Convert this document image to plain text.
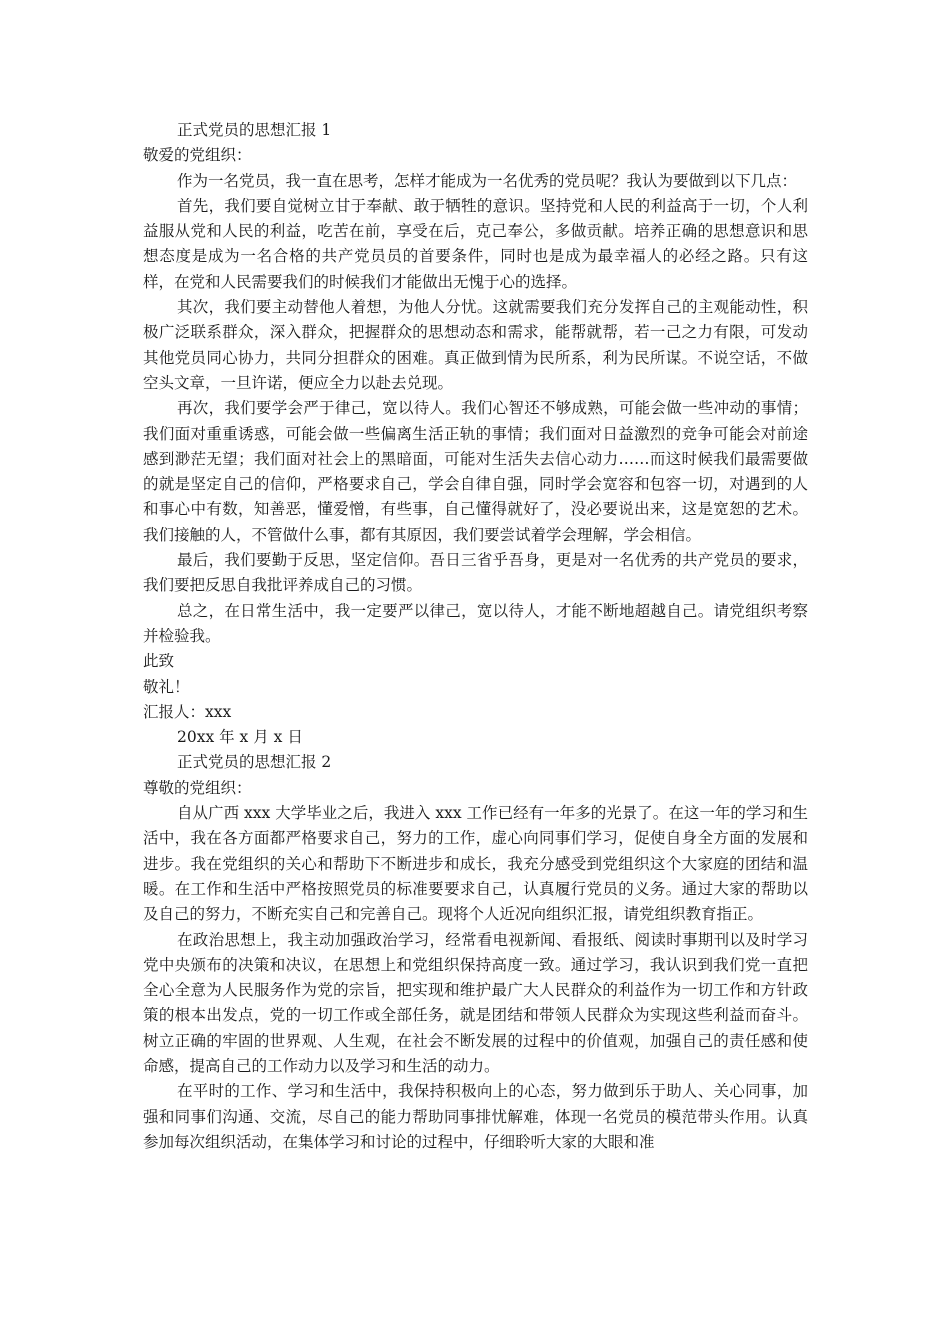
正式党员的思想汇报 1

敬爱的党组织：

作为一名党员，我一直在思考，怎样才能成为一名优秀的党员呢？我认为要做到以下几点：

首先，我们要自觉树立甘于奉献、敢于牺牲的意识。坚持党和人民的利益高于一切，个人利益服从党和人民的利益，吃苦在前，享受在后，克己奉公，多做贡献。培养正确的思想意识和思想态度是成为一名合格的共产党员员的首要条件，同时也是成为最幸福人的必经之路。只有这样，在党和人民需要我们的时候我们才能做出无愧于心的选择。

其次，我们要主动替他人着想，为他人分忧。这就需要我们充分发挥自己的主观能动性，积极广泛联系群众，深入群众，把握群众的思想动态和需求，能帮就帮，若一己之力有限，可发动其他党员同心协力，共同分担群众的困难。真正做到情为民所系，利为民所谋。不说空话，不做空头文章，一旦许诺，便应全力以赴去兑现。

再次，我们要学会严于律己，宽以待人。我们心智还不够成熟，可能会做一些冲动的事情；我们面对重重诱惑，可能会做一些偏离生活正轨的事情；我们面对日益激烈的竞争可能会对前途感到渺茫无望；我们面对社会上的黑暗面，可能对生活失去信心动力……而这时候我们最需要做的就是坚定自己的信仰，严格要求自己，学会自律自强，同时学会宽容和包容一切，对遇到的人和事心中有数，知善恶，懂爱憎，有些事，自己懂得就好了，没必要说出来，这是宽恕的艺术。我们接触的人，不管做什么事，都有其原因，我们要尝试着学会理解，学会相信。

最后，我们要勤于反思，坚定信仰。吾日三省乎吾身，更是对一名优秀的共产党员的要求，我们要把反思自我批评养成自己的习惯。

总之，在日常生活中，我一定要严以律己，宽以待人，才能不断地超越自己。请党组织考察并检验我。

此致

敬礼！

汇报人：xxx

20xx 年 x 月 x 日

正式党员的思想汇报 2

尊敬的党组织：

自从广西 xxx 大学毕业之后，我进入 xxx 工作已经有一年多的光景了。在这一年的学习和生活中，我在各方面都严格要求自己，努力的工作，虚心向同事们学习，促使自身全方面的发展和进步。我在党组织的关心和帮助下不断进步和成长，我充分感受到党组织这个大家庭的团结和温暖。在工作和生活中严格按照党员的标准要要求自己，认真履行党员的义务。通过大家的帮助以及自己的努力，不断充实自己和完善自己。现将个人近况向组织汇报，请党组织教育指正。

在政治思想上，我主动加强政治学习，经常看电视新闻、看报纸、阅读时事期刊以及时学习党中央颁布的决策和决议，在思想上和党组织保持高度一致。通过学习，我认识到我们党一直把全心全意为人民服务作为党的宗旨，把实现和维护最广大人民群众的利益作为一切工作和方针政策的根本出发点，党的一切工作或全部任务，就是团结和带领人民群众为实现这些利益而奋斗。树立正确的牢固的世界观、人生观，在社会不断发展的过程中的价值观，加强自己的责任感和使命感，提高自己的工作动力以及学习和生活的动力。

在平时的工作、学习和生活中，我保持积极向上的心态，努力做到乐于助人、关心同事，加强和同事们沟通、交流，尽自己的能力帮助同事排忧解难，体现一名党员的模范带头作用。认真参加每次组织活动，在集体学习和讨论的过程中，仔细聆听大家的大眼和准
